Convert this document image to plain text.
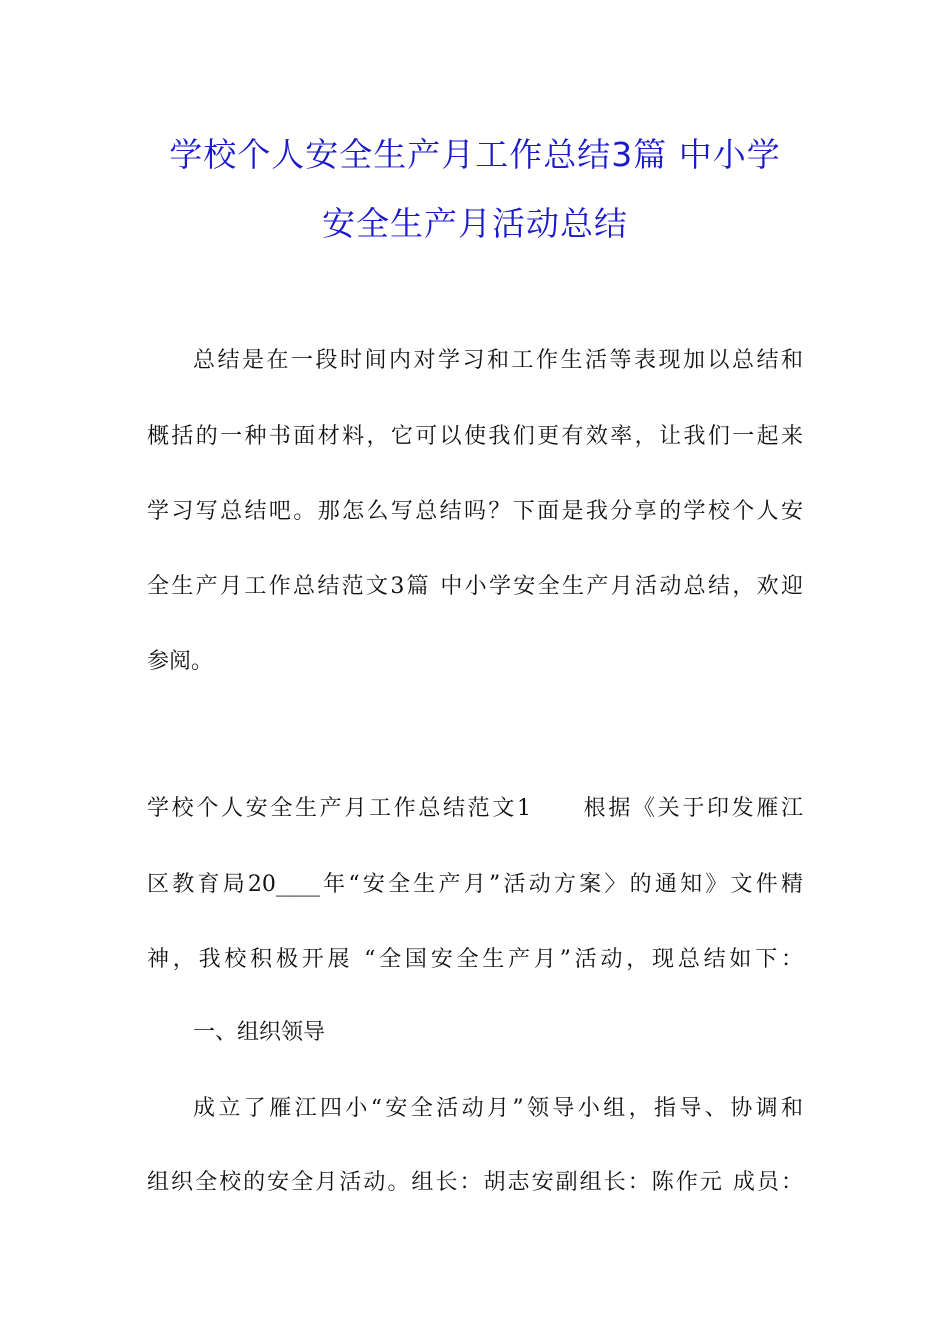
学校个人安全生产月工作总结3篇 中小学
安全生产月活动总结
总结是在一段时间内对学习和工作生活等表现加以总结和
概括的一种书面材料，它可以使我们更有效率，让我们一起来
学习写总结吧。那怎么写总结吗？下面是我分享的学校个人安
全生产月工作总结范文3篇 中小学安全生产月活动总结，欢迎
参阅。
学校个人安全生产月工作总结范文1 根据《关于印发雁江
区教育局20____年“安全生产月”活动方案〉的通知》文件精
神，我校积极开展 “全国安全生产月”活动，现总结如下：
一、组织领导
成立了雁江四小“安全活动月”领导小组，指导、协调和
组织全校的安全月活动。组长：胡志安副组长：陈作元 成员：
